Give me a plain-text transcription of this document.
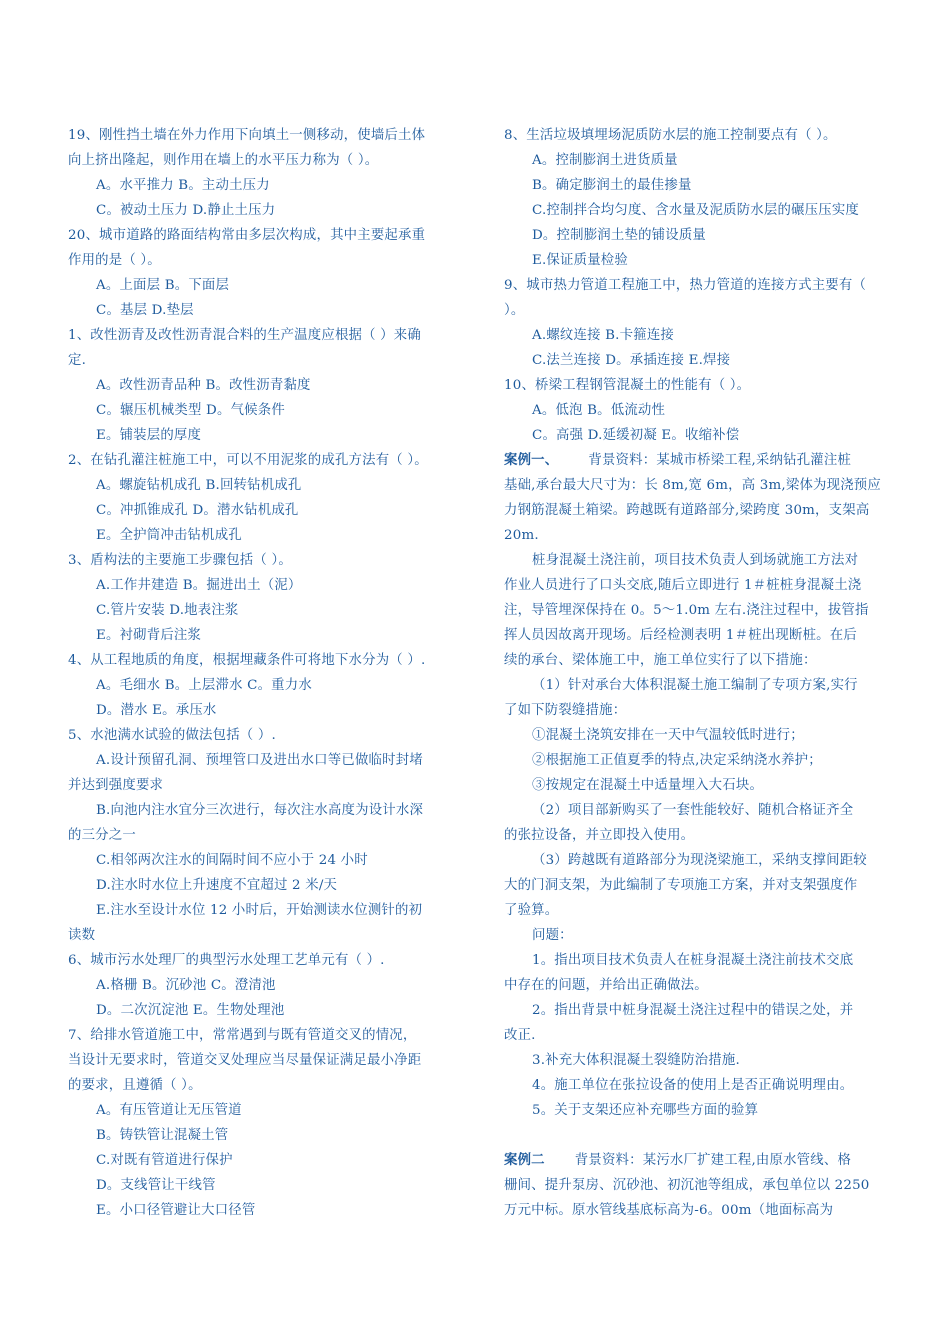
19、刚性挡土墙在外力作用下向填土一侧移动，使墙后土体

向上挤出隆起，则作用在墙上的水平压力称为（ ）。

A。水平推力 B。主动土压力

C。被动土压力 D.静止土压力

20、城市道路的路面结构常由多层次构成，其中主要起承重

作用的是（ ）。

A。上面层 B。下面层

C。基层 D.垫层

1、改性沥青及改性沥青混合料的生产温度应根据（ ）来确

定.

A。改性沥青品种 B。改性沥青黏度

C。辗压机械类型 D。气候条件

E。铺装层的厚度

2、在钻孔灌注桩施工中，可以不用泥浆的成孔方法有（ ）。

A。螺旋钻机成孔 B.回转钻机成孔

C。冲抓锥成孔 D。潜水钻机成孔

E。全护筒冲击钻机成孔

3、盾构法的主要施工步骤包括（ ）。

A.工作井建造 B。掘进出土（泥）

C.管片安装 D.地表注浆

E。衬砌背后注浆

4、从工程地质的角度，根据埋藏条件可将地下水分为（ ）.

A。毛细水 B。上层滞水 C。重力水

D。潜水 E。承压水

5、水池满水试验的做法包括（ ）.

A.设计预留孔洞、预埋管口及进出水口等已做临时封堵

并达到强度要求

B.向池内注水宜分三次进行，每次注水高度为设计水深

的三分之一

C.相邻两次注水的间隔时间不应小于 24 小时

D.注水时水位上升速度不宜超过 2 米/天

E.注水至设计水位 12 小时后，开始测读水位测针的初

读数

6、城市污水处理厂的典型污水处理工艺单元有（ ）.

A.格栅 B。沉砂池 C。澄清池

D。二次沉淀池 E。生物处理池

7、给排水管道施工中，常常遇到与既有管道交叉的情况，

当设计无要求时，管道交叉处理应当尽量保证满足最小净距

的要求，且遵循（ ）。

A。有压管道让无压管道

B。铸铁管让混凝土管

C.对既有管道进行保护

D。支线管让干线管

E。小口径管避让大口径管

8、生活垃圾填埋场泥质防水层的施工控制要点有（ ）。

A。控制膨润土进货质量

B。确定膨润土的最佳掺量

C.控制拌合均匀度、含水量及泥质防水层的碾压压实度

D。控制膨润土垫的铺设质量

E.保证质量检验

9、城市热力管道工程施工中，热力管道的连接方式主要有（

）。

A.螺纹连接 B.卡箍连接

C.法兰连接 D。承插连接 E.焊接

10、桥梁工程钢管混凝土的性能有（ ）。

A。低泡 B。低流动性

C。高强 D.延缓初凝 E。收缩补偿

案例一、 背景资料：某城市桥梁工程,采纳钻孔灌注桩

基础,承台最大尺寸为：长 8m,宽 6m，高 3m,梁体为现浇预应

力钢筋混凝土箱梁。跨越既有道路部分,梁跨度 30m，支架高

20m.

桩身混凝土浇注前，项目技术负责人到场就施工方法对

作业人员进行了口头交底,随后立即进行 1＃桩桩身混凝土浇

注，导管埋深保持在 0。5～1.0m 左右.浇注过程中，拔管指

挥人员因故离开现场。后经检测表明 1＃桩出现断桩。在后

续的承台、梁体施工中，施工单位实行了以下措施：

（1）针对承台大体积混凝土施工编制了专项方案,实行

了如下防裂缝措施：

①混凝土浇筑安排在一天中气温较低时进行；

②根据施工正值夏季的特点,决定采纳浇水养护；

③按规定在混凝土中适量埋入大石块。

（2）项目部新购买了一套性能较好、随机合格证齐全

的张拉设备，并立即投入使用。

（3）跨越既有道路部分为现浇梁施工，采纳支撑间距较

大的门洞支架，为此编制了专项施工方案，并对支架强度作

了验算。

问题：

1。指出项目技术负责人在桩身混凝土浇注前技术交底

中存在的问题，并给出正确做法。

2。指出背景中桩身混凝土浇注过程中的错误之处，并

改正.

3.补充大体积混凝土裂缝防治措施.

4。施工单位在张拉设备的使用上是否正确说明理由。

5。关于支架还应补充哪些方面的验算

案例二 背景资料：某污水厂扩建工程,由原水管线、格

栅间、提升泵房、沉砂池、初沉池等组成，承包单位以 2250

万元中标。原水管线基底标高为-6。00m（地面标高为
